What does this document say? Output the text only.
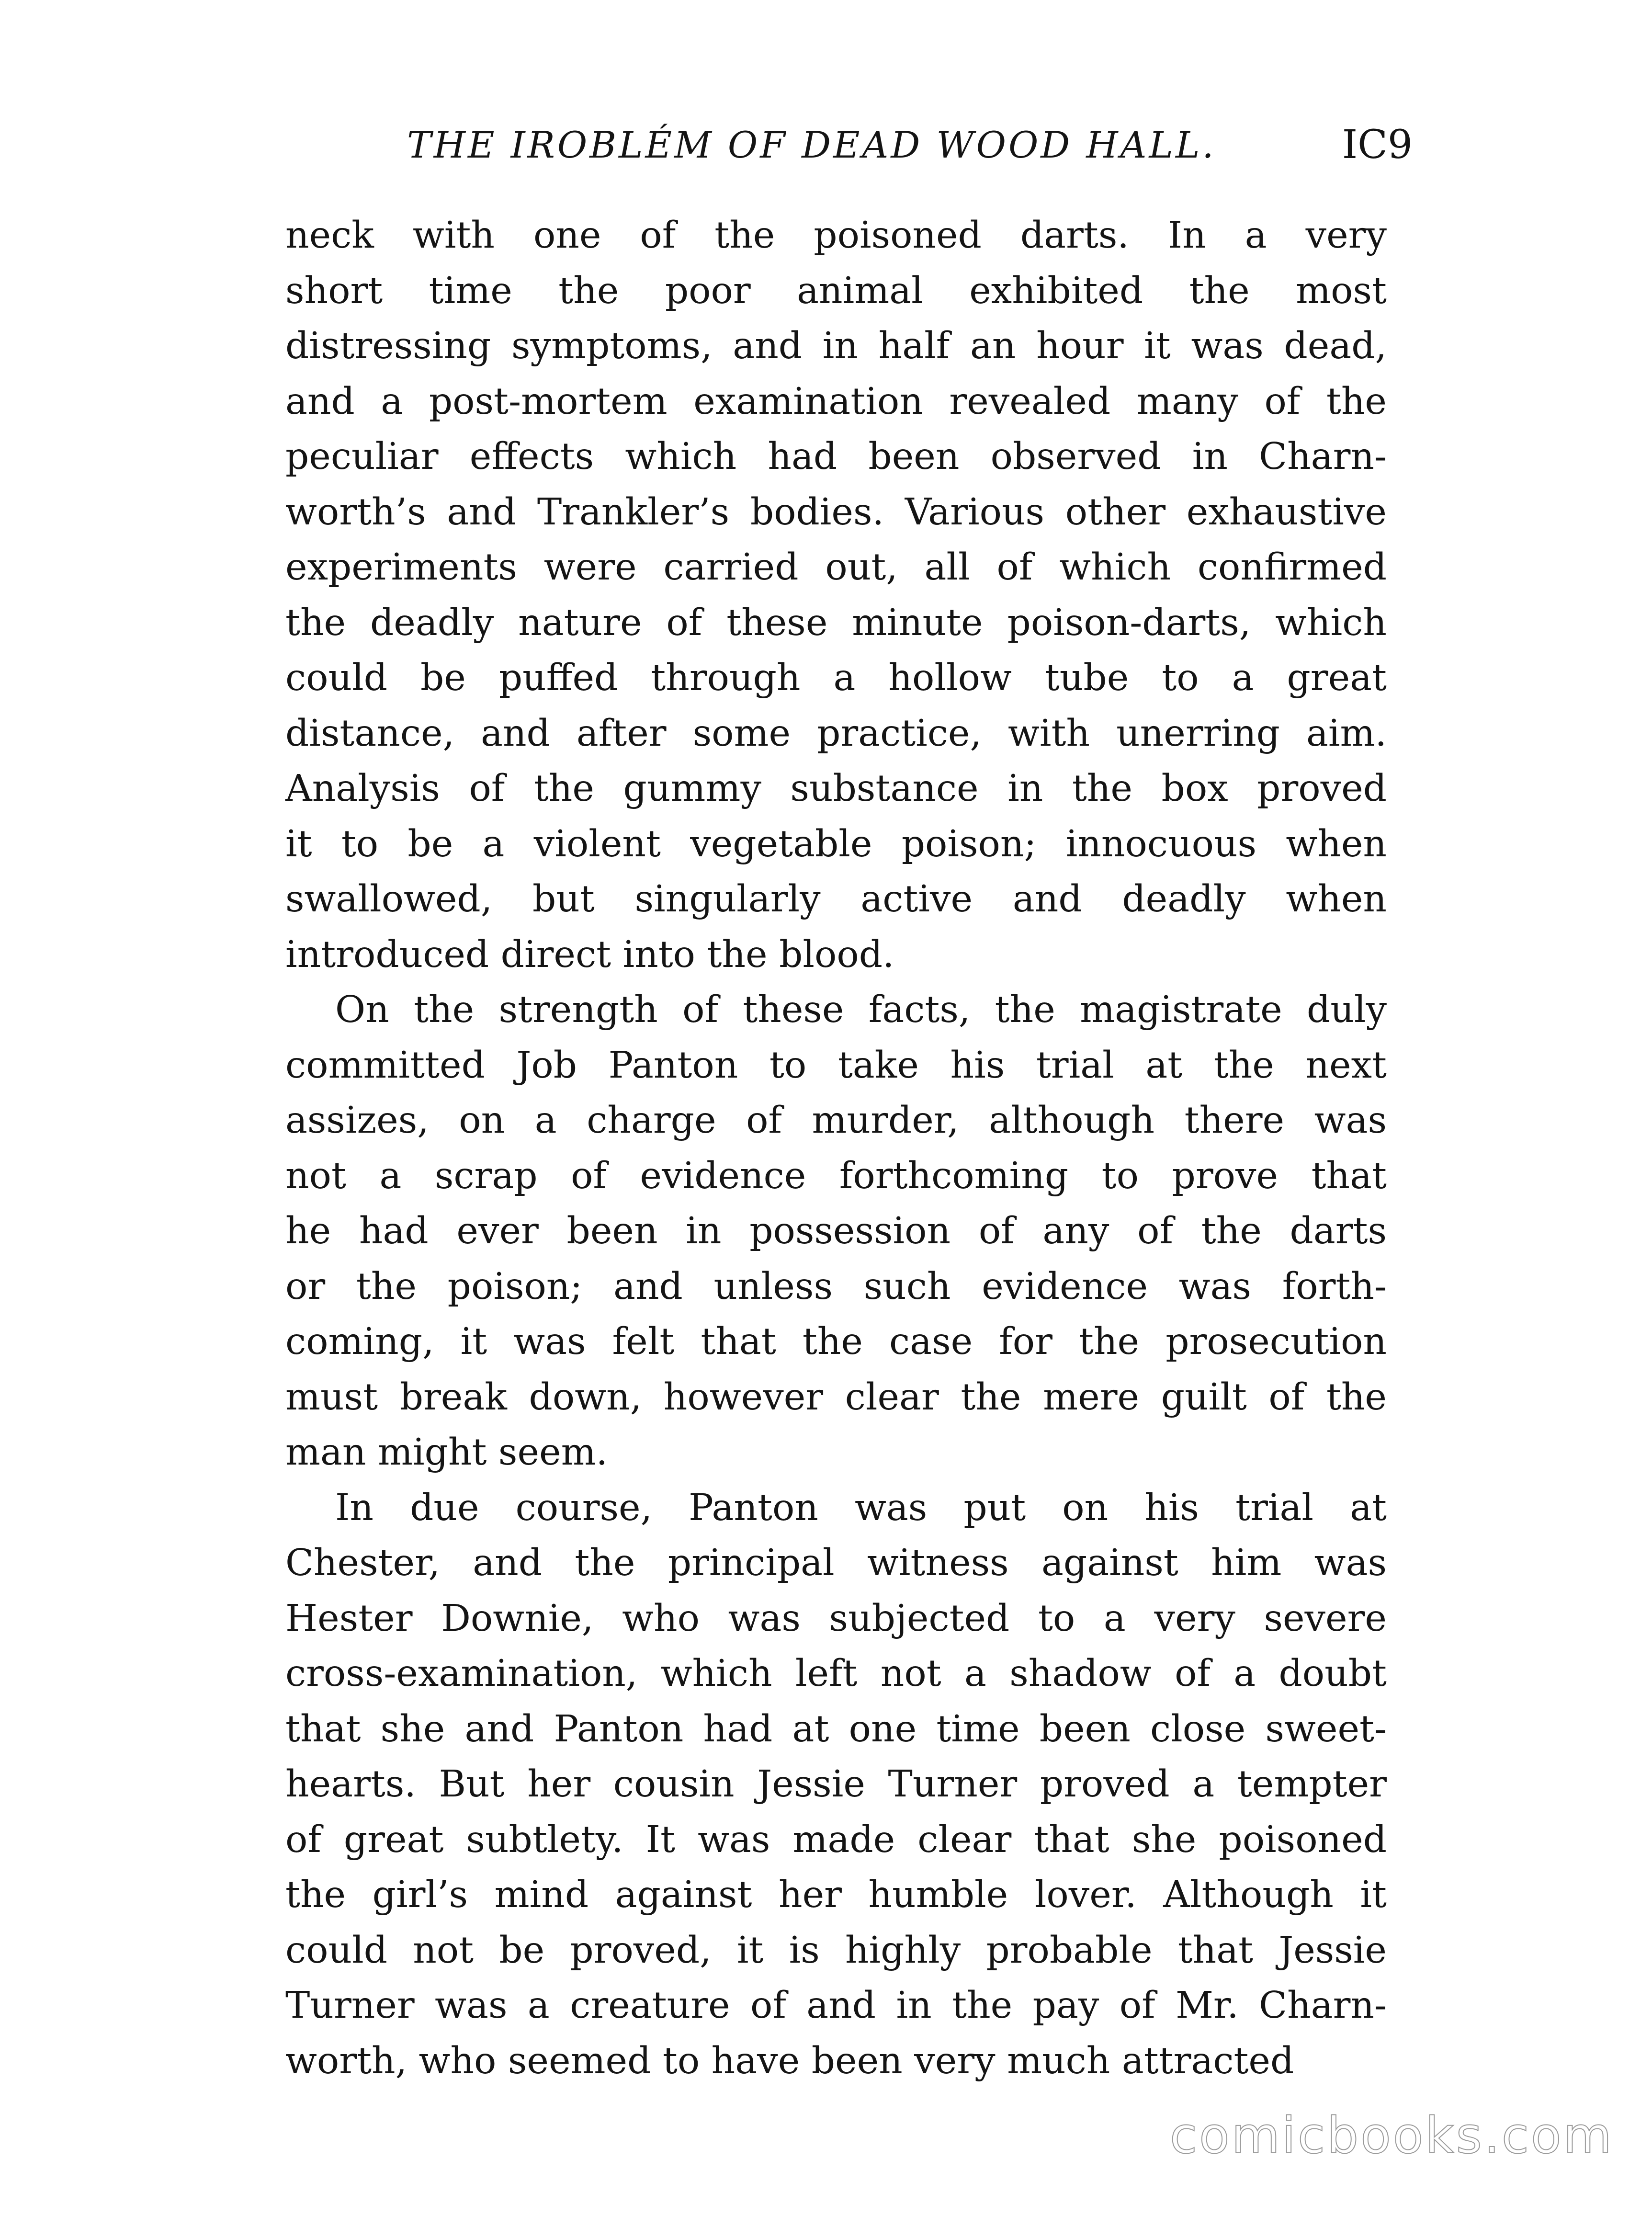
THE IROBLÉM OF DEAD WOOD HALL.	IC9
neck with one of the poisoned darts. In a very
short time the poor animal exhibited the most
distressing symptoms, and in half an hour it was dead,
and a post-mortem examination revealed many of the
peculiar effects which had been observed in Charn-
worth’s and Trankler’s bodies. Various other exhaustive
experiments were carried out, all of which confirmed
the deadly nature of these minute poison-darts, which
could be puffed through a hollow tube to a great
distance, and after some practice, with unerring aim.
Analysis of the gummy substance in the box proved
it to be a violent vegetable poison; innocuous when
swallowed, but singularly active and deadly when
introduced direct into the blood.
On the strength of these facts, the magistrate duly
committed Job Panton to take his trial at the next
assizes, on a charge of murder, although there was
not a scrap of evidence forthcoming to prove that
he had ever been in possession of any of the darts
or the poison; and unless such evidence was forth-
coming, it was felt that the case for the prosecution
must break down, however clear the mere guilt of the
man might seem.
In due course, Panton was put on his trial at
Chester, and the principal witness against him was
Hester Downie, who was subjected to a very severe
cross-examination, which left not a shadow of a doubt
that she and Panton had at one time been close sweet-
hearts. But her cousin Jessie Turner proved a tempter
of great subtlety. It was made clear that she poisoned
the girl’s mind against her humble lover. Although it
could not be proved, it is highly probable that Jessie
Turner was a creature of and in the pay of Mr. Charn-
worth, who seemed to have been very much attracted
comicbooks.com
